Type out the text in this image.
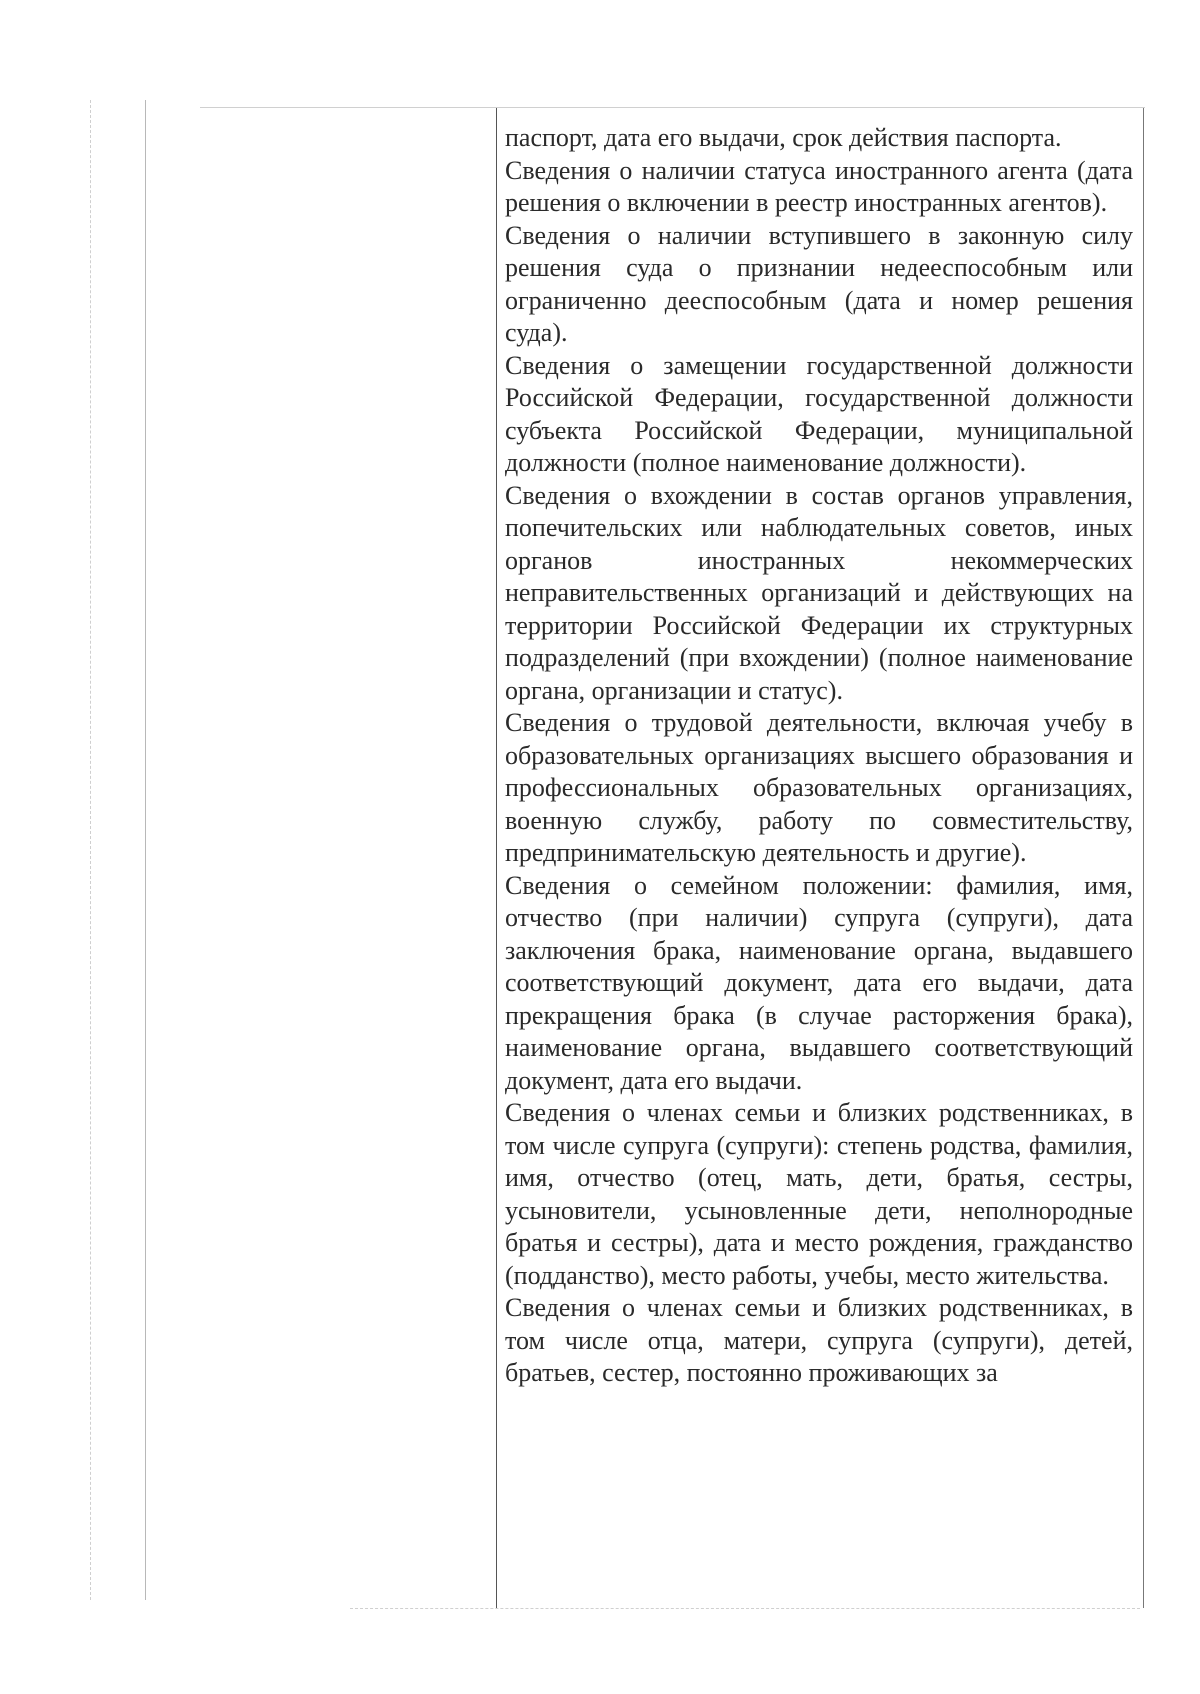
паспорт, дата его выдачи, срок действия паспорта.

Сведения о наличии статуса иностранного агента (дата решения о включении в реестр иностранных агентов).

Сведения о наличии вступившего в законную силу решения суда о признании недееспособным или ограниченно дееспособным (дата и номер решения суда).

Сведения о замещении государственной должности Российской Федерации, государственной должности субъекта Российской Федерации, муниципальной должности (полное наименование должности).

Сведения о вхождении в состав органов управления, попечительских или наблюдательных советов, иных органов иностранных некоммерческих неправительственных организаций и действующих на территории Российской Федерации их структурных подразделений (при вхождении) (полное наименование органа, организации и статус).

Сведения о трудовой деятельности, включая учебу в образовательных организациях высшего образования и профессиональных образовательных организациях, военную службу, работу по совместительству, предпринимательскую деятельность и другие).

Сведения о семейном положении: фамилия, имя, отчество (при наличии) супруга (супруги), дата заключения брака, наименование органа, выдавшего соответствующий документ, дата его выдачи, дата прекращения брака (в случае расторжения брака), наименование органа, выдавшего соответствующий документ, дата его выдачи.

Сведения о членах семьи и близких родственниках, в том числе супруга (супруги): степень родства, фамилия, имя, отчество (отец, мать, дети, братья, сестры, усыновители, усыновленные дети, неполнородные братья и сестры), дата и место рождения, гражданство (подданство), место работы, учебы, место жительства.

Сведения о членах семьи и близких родственниках, в том числе отца, матери, супруга (супруги), детей, братьев, сестер, постоянно проживающих за
